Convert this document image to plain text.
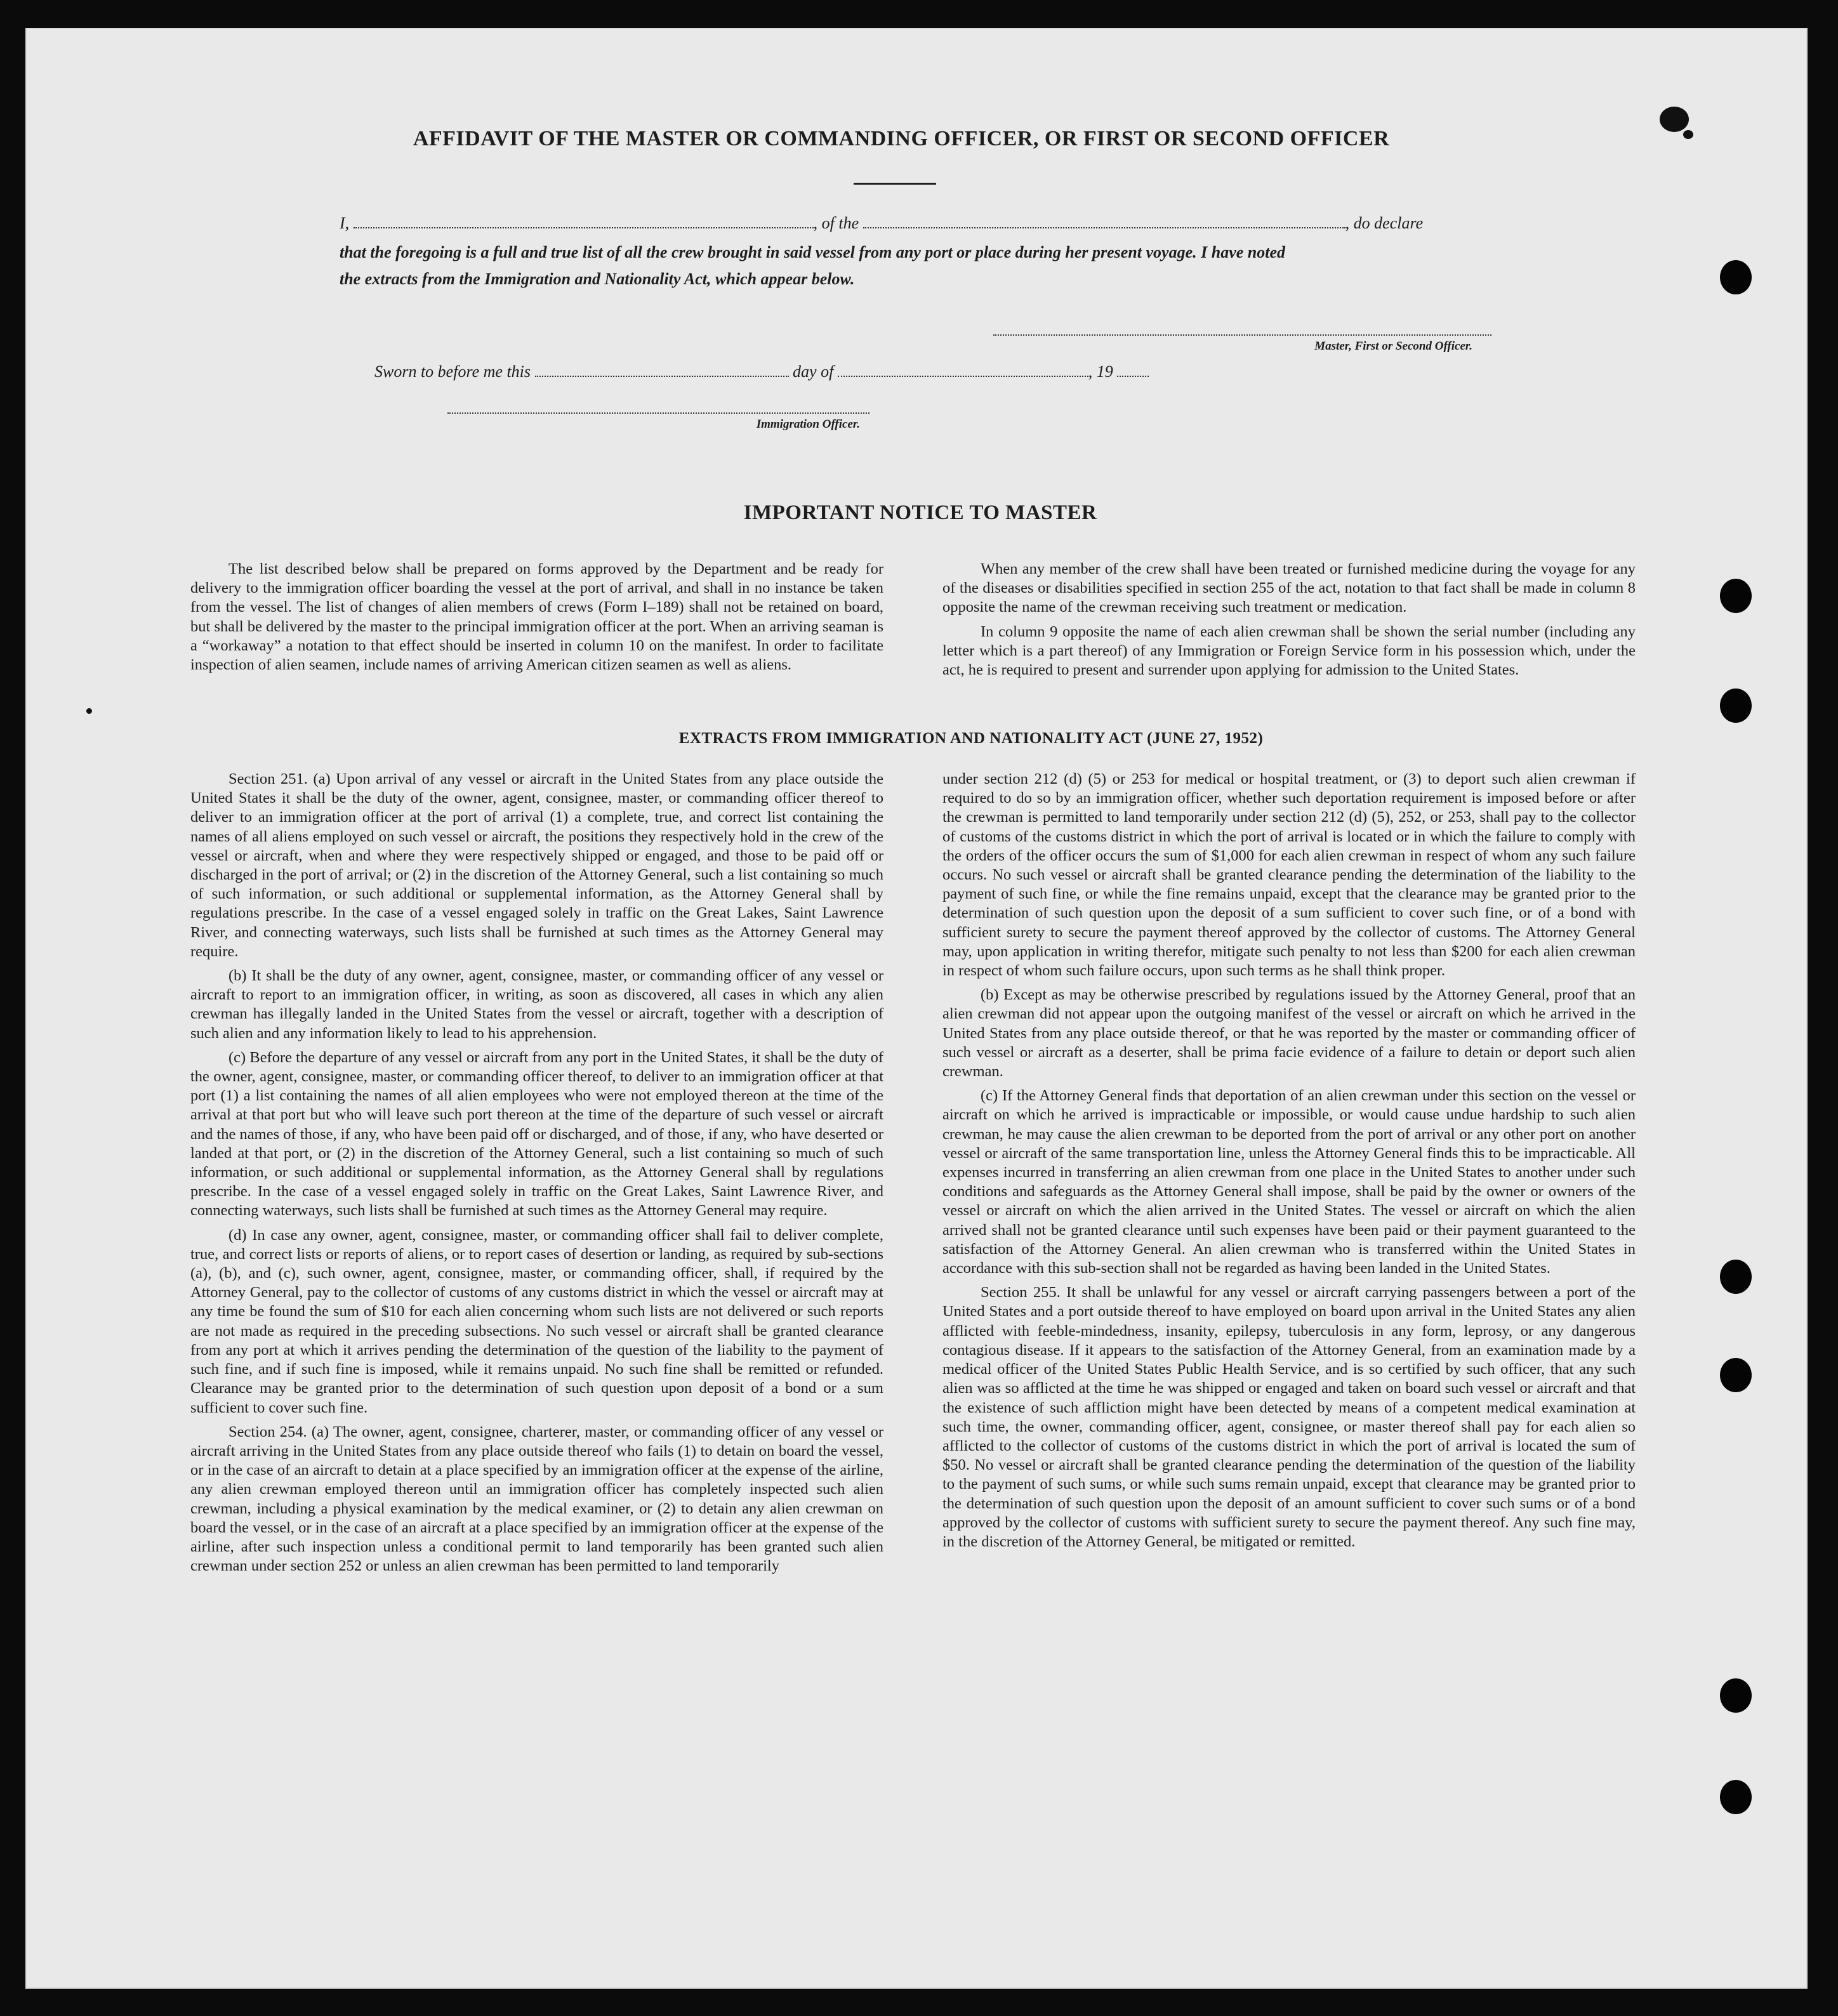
AFFIDAVIT OF THE MASTER OR COMMANDING OFFICER, OR FIRST OR SECOND OFFICER
I,	, of the	, do declare
that the foregoing is a full and true list of all the crew brought in said vessel from any port or place during her present voyage. I have noted
the extracts from the Immigration and Nationality Act, which appear below.
Master, First or Second Officer.
Sworn to before me this	day of	, 19
Immigration Officer.
IMPORTANT NOTICE TO MASTER

The list described below shall be prepared on forms approved by the Department and be ready for delivery to the immigration officer boarding the vessel at the port of arrival, and shall in no instance be taken from the vessel. The list of changes of alien members of crews (Form I–189) shall not be retained on board, but shall be delivered by the master to the principal immigration officer at the port. When an arriving seaman is a “workaway” a notation to that effect should be inserted in column 10 on the manifest. In order to facilitate inspection of alien seamen, include names of arriving American citizen seamen as well as aliens.

When any member of the crew shall have been treated or furnished medicine during the voyage for any of the diseases or disabilities specified in section 255 of the act, notation to that fact shall be made in column 8 opposite the name of the crewman receiving such treatment or medication.

In column 9 opposite the name of each alien crewman shall be shown the serial number (including any letter which is a part thereof) of any Immigration or Foreign Service form in his possession which, under the act, he is required to present and surrender upon applying for admission to the United States.

EXTRACTS FROM IMMIGRATION AND NATIONALITY ACT (JUNE 27, 1952)

Section 251. (a) Upon arrival of any vessel or aircraft in the United States from any place outside the United States it shall be the duty of the owner, agent, consignee, master, or commanding officer thereof to deliver to an immigration officer at the port of arrival (1) a complete, true, and correct list containing the names of all aliens employed on such vessel or aircraft, the positions they respectively hold in the crew of the vessel or aircraft, when and where they were respectively shipped or engaged, and those to be paid off or discharged in the port of arrival; or (2) in the discretion of the Attorney General, such a list containing so much of such information, or such additional or supplemental information, as the Attorney General shall by regulations prescribe. In the case of a vessel engaged solely in traffic on the Great Lakes, Saint Lawrence River, and connecting waterways, such lists shall be furnished at such times as the Attorney General may require.

(b) It shall be the duty of any owner, agent, consignee, master, or commanding officer of any vessel or aircraft to report to an immigration officer, in writing, as soon as discovered, all cases in which any alien crewman has illegally landed in the United States from the vessel or aircraft, together with a description of such alien and any information likely to lead to his apprehension.

(c) Before the departure of any vessel or aircraft from any port in the United States, it shall be the duty of the owner, agent, consignee, master, or commanding officer thereof, to deliver to an immigration officer at that port (1) a list containing the names of all alien employees who were not employed thereon at the time of the arrival at that port but who will leave such port thereon at the time of the departure of such vessel or aircraft and the names of those, if any, who have been paid off or discharged, and of those, if any, who have deserted or landed at that port, or (2) in the discretion of the Attorney General, such a list containing so much of such information, or such additional or supplemental information, as the Attorney General shall by regulations prescribe. In the case of a vessel engaged solely in traffic on the Great Lakes, Saint Lawrence River, and connecting waterways, such lists shall be furnished at such times as the Attorney General may require.

(d) In case any owner, agent, consignee, master, or commanding officer shall fail to deliver complete, true, and correct lists or reports of aliens, or to report cases of desertion or landing, as required by sub-sections (a), (b), and (c), such owner, agent, consignee, master, or commanding officer, shall, if required by the Attorney General, pay to the collector of customs of any customs district in which the vessel or aircraft may at any time be found the sum of $10 for each alien concerning whom such lists are not delivered or such reports are not made as required in the preceding subsections. No such vessel or aircraft shall be granted clearance from any port at which it arrives pending the determination of the question of the liability to the payment of such fine, and if such fine is imposed, while it remains unpaid. No such fine shall be remitted or refunded. Clearance may be granted prior to the determination of such question upon deposit of a bond or a sum sufficient to cover such fine.

Section 254. (a) The owner, agent, consignee, charterer, master, or commanding officer of any vessel or aircraft arriving in the United States from any place outside thereof who fails (1) to detain on board the vessel, or in the case of an aircraft to detain at a place specified by an immigration officer at the expense of the airline, any alien crewman employed thereon until an immigration officer has completely inspected such alien crewman, including a physical examination by the medical examiner, or (2) to detain any alien crewman on board the vessel, or in the case of an aircraft at a place specified by an immigration officer at the expense of the airline, after such inspection unless a conditional permit to land temporarily has been granted such alien crewman under section 252 or unless an alien crewman has been permitted to land temporarily

under section 212 (d) (5) or 253 for medical or hospital treatment, or (3) to deport such alien crewman if required to do so by an immigration officer, whether such deportation requirement is imposed before or after the crewman is permitted to land temporarily under section 212 (d) (5), 252, or 253, shall pay to the collector of customs of the customs district in which the port of arrival is located or in which the failure to comply with the orders of the officer occurs the sum of $1,000 for each alien crewman in respect of whom any such failure occurs. No such vessel or aircraft shall be granted clearance pending the determination of the liability to the payment of such fine, or while the fine remains unpaid, except that the clearance may be granted prior to the determination of such question upon the deposit of a sum sufficient to cover such fine, or of a bond with sufficient surety to secure the payment thereof approved by the collector of customs. The Attorney General may, upon application in writing therefor, mitigate such penalty to not less than $200 for each alien crewman in respect of whom such failure occurs, upon such terms as he shall think proper.

(b) Except as may be otherwise prescribed by regulations issued by the Attorney General, proof that an alien crewman did not appear upon the outgoing manifest of the vessel or aircraft on which he arrived in the United States from any place outside thereof, or that he was reported by the master or commanding officer of such vessel or aircraft as a deserter, shall be prima facie evidence of a failure to detain or deport such alien crewman.

(c) If the Attorney General finds that deportation of an alien crewman under this section on the vessel or aircraft on which he arrived is impracticable or impossible, or would cause undue hardship to such alien crewman, he may cause the alien crewman to be deported from the port of arrival or any other port on another vessel or aircraft of the same transportation line, unless the Attorney General finds this to be impracticable. All expenses incurred in transferring an alien crewman from one place in the United States to another under such conditions and safeguards as the Attorney General shall impose, shall be paid by the owner or owners of the vessel or aircraft on which the alien arrived in the United States. The vessel or aircraft on which the alien arrived shall not be granted clearance until such expenses have been paid or their payment guaranteed to the satisfaction of the Attorney General. An alien crewman who is transferred within the United States in accordance with this sub-section shall not be regarded as having been landed in the United States.

Section 255. It shall be unlawful for any vessel or aircraft carrying passengers between a port of the United States and a port outside thereof to have employed on board upon arrival in the United States any alien afflicted with feeble-mindedness, insanity, epilepsy, tuberculosis in any form, leprosy, or any dangerous contagious disease. If it appears to the satisfaction of the Attorney General, from an examination made by a medical officer of the United States Public Health Service, and is so certified by such officer, that any such alien was so afflicted at the time he was shipped or engaged and taken on board such vessel or aircraft and that the existence of such affliction might have been detected by means of a competent medical examination at such time, the owner, commanding officer, agent, consignee, or master thereof shall pay for each alien so afflicted to the collector of customs of the customs district in which the port of arrival is located the sum of $50. No vessel or aircraft shall be granted clearance pending the determination of the question of the liability to the payment of such sums, or while such sums remain unpaid, except that clearance may be granted prior to the determination of such question upon the deposit of an amount sufficient to cover such sums or of a bond approved by the collector of customs with sufficient surety to secure the payment thereof. Any such fine may, in the discretion of the Attorney General, be mitigated or remitted.
